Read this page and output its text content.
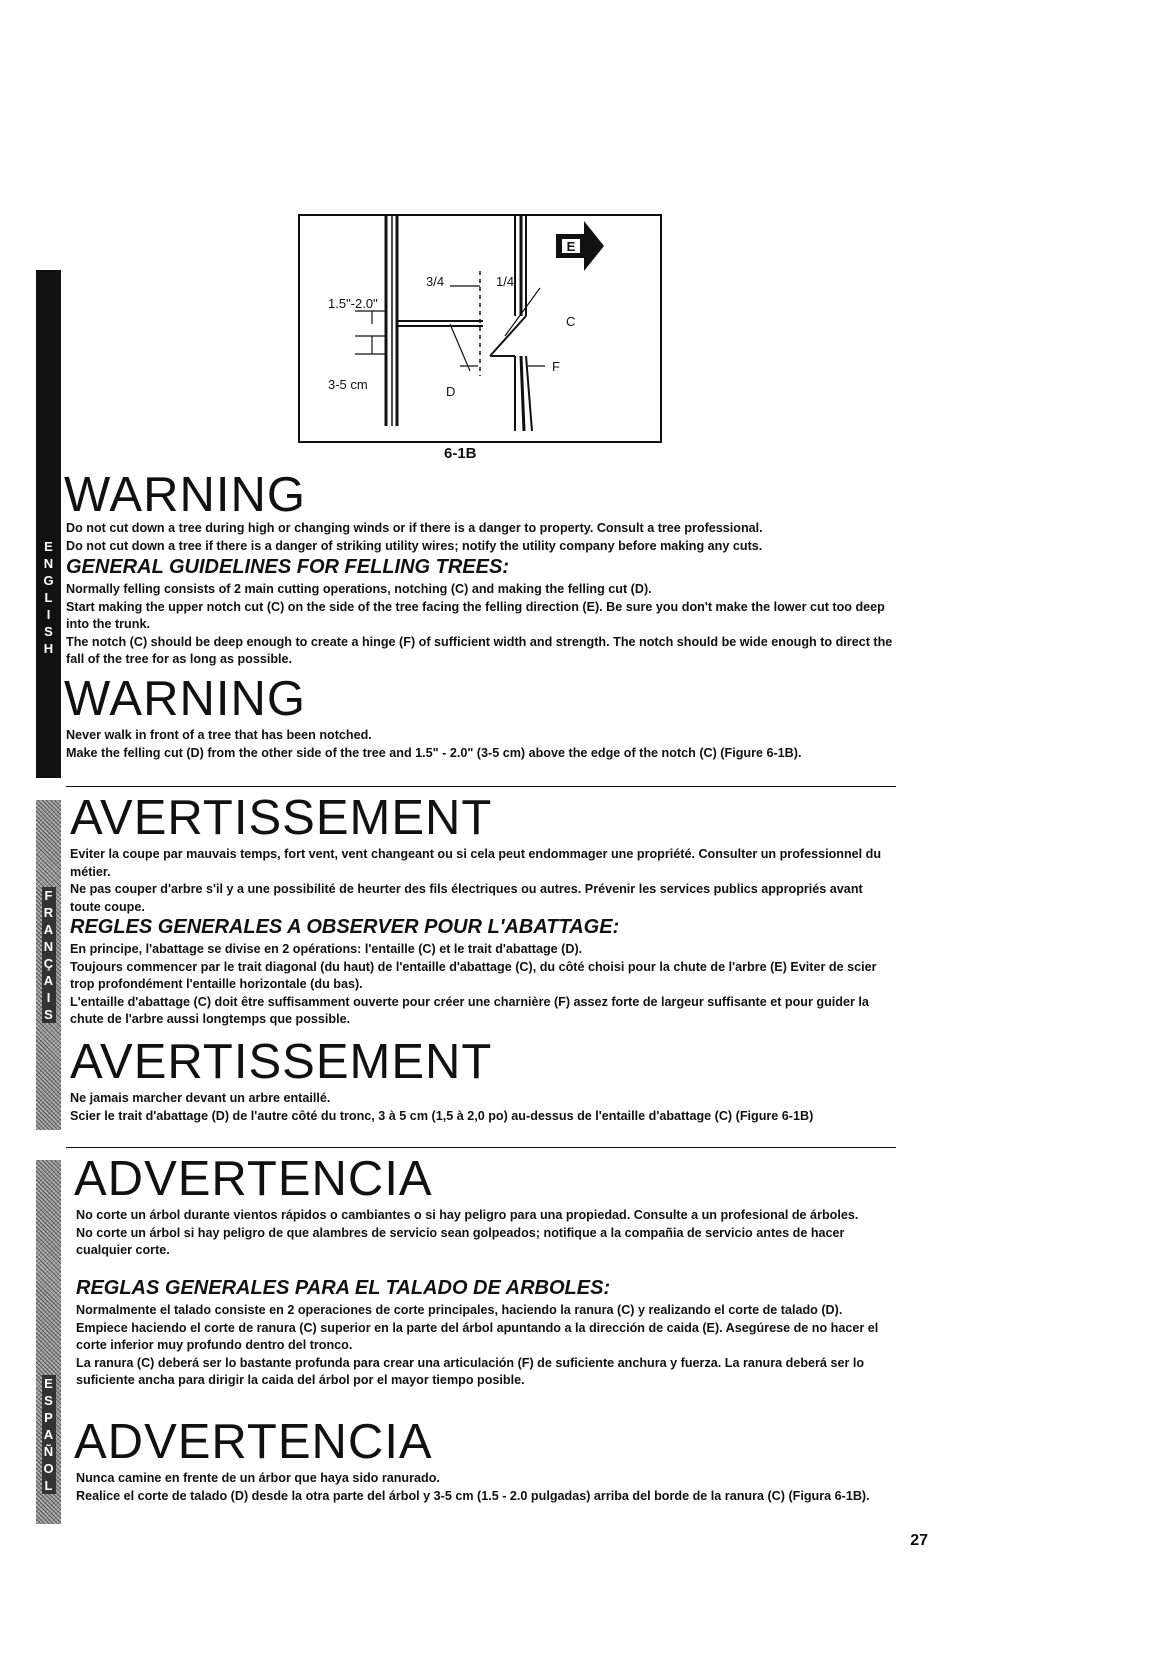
E
3/4	1/4
1.5"-2.0"
3-5 cm
C
D
F
6-1B
E
N
G
L
I
S
H
WARNING

Do not cut down a tree during high or changing winds or if there is a danger to property. Consult a tree professional.

Do not cut down a tree if there is a danger of striking utility wires; notify the utility company before making any cuts.

GENERAL GUIDELINES FOR FELLING TREES:

Normally felling consists of 2 main cutting operations, notching (C) and making the felling cut (D).

Start making the upper notch cut (C) on the side of the tree facing the felling direction (E). Be sure you don't make the lower cut too deep into the trunk.

The notch (C) should be deep enough to create a hinge (F) of sufficient width and strength. The notch should be wide enough to direct the fall of the tree for as long as possible.

WARNING

Never walk in front of a tree that has been notched.

Make the felling cut (D) from the other side of the tree and 1.5" - 2.0" (3-5 cm) above the edge of the notch (C) (Figure 6-1B).

F
R
A
N
Ç
A
I
S
AVERTISSEMENT

Eviter la coupe par mauvais temps, fort vent, vent changeant ou si cela peut endommager une propriété. Consulter un professionnel du métier.

Ne pas couper d'arbre s'il y a une possibilité de heurter des fils électriques ou autres. Prévenir les services publics appropriés avant toute coupe.

REGLES GENERALES A OBSERVER POUR L'ABATTAGE:

En principe, l'abattage se divise en 2 opérations: l'entaille (C) et le trait d'abattage (D).

Toujours commencer par le trait diagonal (du haut) de l'entaille d'abattage (C), du côté choisi pour la chute de l'arbre (E) Eviter de scier trop profondément l'entaille horizontale (du bas).

L'entaille d'abattage (C) doit être suffisamment ouverte pour créer une charnière (F) assez forte de largeur suffisante et pour guider la chute de l'arbre aussi longtemps que possible.

AVERTISSEMENT

Ne jamais marcher devant un arbre entaillé.

Scier le trait d'abattage (D) de l'autre côté du tronc, 3 à 5 cm (1,5 à 2,0 po) au-dessus de l'entaille d'abattage (C) (Figure 6-1B)

E
S
P
A
Ñ
O
L
ADVERTENCIA

No corte un árbol durante vientos rápidos o cambiantes o si hay peligro para una propiedad. Consulte a un profesional de árboles.

No corte un árbol si hay peligro de que alambres de servicio sean golpeados; notifique a la compañia de servicio antes de hacer cualquier corte.

REGLAS GENERALES PARA EL TALADO DE ARBOLES:

Normalmente el talado consiste en 2 operaciones de corte principales, haciendo la ranura (C) y realizando el corte de talado (D).

Empiece haciendo el corte de ranura (C) superior en la parte del árbol apuntando a la dirección de caida (E). Asegúrese de no hacer el corte inferior muy profundo dentro del tronco.

La ranura (C) deberá ser lo bastante profunda para crear una articulación (F) de suficiente anchura y fuerza. La ranura deberá ser lo suficiente ancha para dirigir la caida del árbol por el mayor tiempo posible.

ADVERTENCIA

Nunca camine en frente de un árbor que haya sido ranurado.

Realice el corte de talado (D) desde la otra parte del árbol y 3-5 cm (1.5 - 2.0 pulgadas) arriba del borde de la ranura (C) (Figura 6-1B).

27
